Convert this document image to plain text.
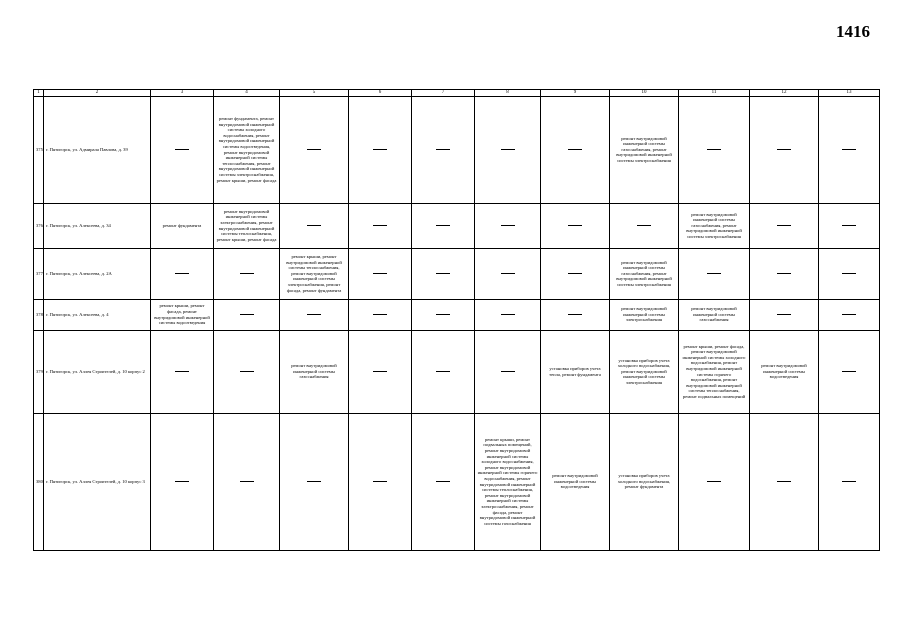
1416
1	2	3	4	5	6	7	8	9	10	11	12	13
375	г. Пятигорск, ул. Адмирала Павлова, д. 39		ремонт фундамента, ремонт внутридомовой инженерной системы холодного водоснабжения, ремонт внутридомовой инженерной системы водоотведения, ремонт внутридомовой инженерной системы теплоснабжения, ремонт внутридомовой инженерной системы электроснабжения, ремонт крыши, ремонт фасада						ремонт внутридомовой инженерной системы газоснабжения, ремонт внутридомовой инженерной системы электроснабжения	

376	г. Пятигорск, ул. Алексеева, д. 34	ремонт фундамента	ремонт внутридомовой инженерной системы электроснабжения, ремонт внутридомовой инженерной системы теплоснабжения, ремонт крыши, ремонт фасада							ремонт внутридомовой инженерной системы газоснабжения, ремонт внутридомовой инженерной системы электроснабжения	

377	г. Пятигорск, ул. Алексеева, д. 2А			ремонт крыши, ремонт внутридомовой инженерной системы теплоснабжения, ремонт внутридомовой инженерной системы электроснабжения, ремонт фасада, ремонт фундамента					ремонт внутридомовой инженерной системы газоснабжения, ремонт внутридомовой инженерной системы электроснабжения	

378	г. Пятигорск, ул. Алексеева, д. 4	ремонт крыши, ремонт фасада, ремонт внутридомовой инженерной системы водоотведения							ремонт внутридомовой инженерной системы электроснабжения	ремонт внутридомовой инженерной системы газоснабжения	

379	г. Пятигорск, ул. Аллея Строителей, д. 10 корпус 2			ремонт внутридомовой инженерной системы газоснабжения				установка приборов учета тепла, ремонт фундамента	установка приборов учета холодного водоснабжения, ремонт внутридомовой инженерной системы электроснабжения	ремонт крыши, ремонт фасада, ремонт внутридомовой инженерной системы холодного водоснабжения, ремонт внутридомовой инженерной системы горячего водоснабжения, ремонт внутридомовой инженерной системы теплоснабжения, ремонт подвальных помещений	ремонт внутридомовой инженерной системы водоотведения	

380	г. Пятигорск, ул. Аллея Строителей, д. 10 корпус 3						ремонт крыши, ремонт подвальных помещений, ремонт внутридомовой инженерной системы холодного водоснабжения, ремонт внутридомовой инженерной системы горячего водоснабжения, ремонт внутридомовой инженерной системы теплоснабжения, ремонт внутридомовой инженерной системы электроснабжения, ремонт фасада, ремонт внутридомовой инженерной системы газоснабжения	ремонт внутридомовой инженерной системы водоотведения	установка приборов учета холодного водоснабжения, ремонт фундамента	
